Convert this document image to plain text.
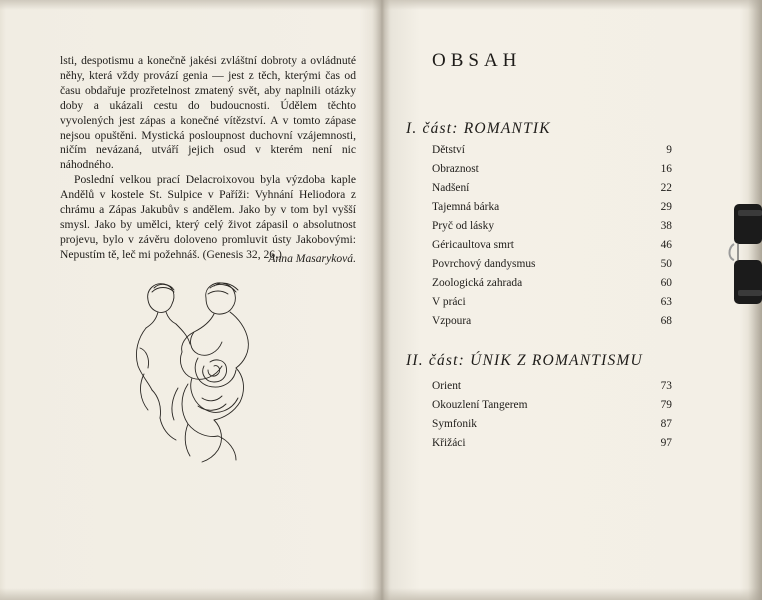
lsti, despotismu a konečně jakési zvláštní dobroty a ovládnuté něhy, která vždy provází genia — jest z těch, kterými čas od času obdařuje prozřetelnost zmatený svět, aby naplnili otázky doby a ukázali cestu do budoucnosti. Údělem těchto vyvolených jest zápas a konečné vítězství. A v tomto zápase nejsou opuštěni. Mystická posloupnost duchovní vzájemnosti, ničím nevázaná, utváří jejich osud v kterém není nic náhodného.

Poslední velkou prací Delacroixovou byla výzdoba kaple Andělů v kostele St. Sulpice v Paříži: Vyhnání Heliodora z chrámu a Zápas Jakubův s andělem. Jako by v tom byl vyšší smysl. Jako by umělci, který celý život zápasil o absolutnost projevu, bylo v závěru doloveno promluvit ústy Jakobovými: Nepustím tě, leč mi požehnáš. (Genesis 32, 26.)

Anna Masaryková.
OBSAH
I. část: ROMANTIK
Dětství	9
Obraznost	16
Nadšení	22
Tajemná bárka	29
Pryč od lásky	38
Géricaultova smrt	46
Povrchový dandysmus	50
Zoologická zahrada	60
V práci	63
Vzpoura	68
II. část: ÚNIK Z ROMANTISMU
Orient	73
Okouzlení Tangerem	79
Symfonik	87
Křižáci	97
